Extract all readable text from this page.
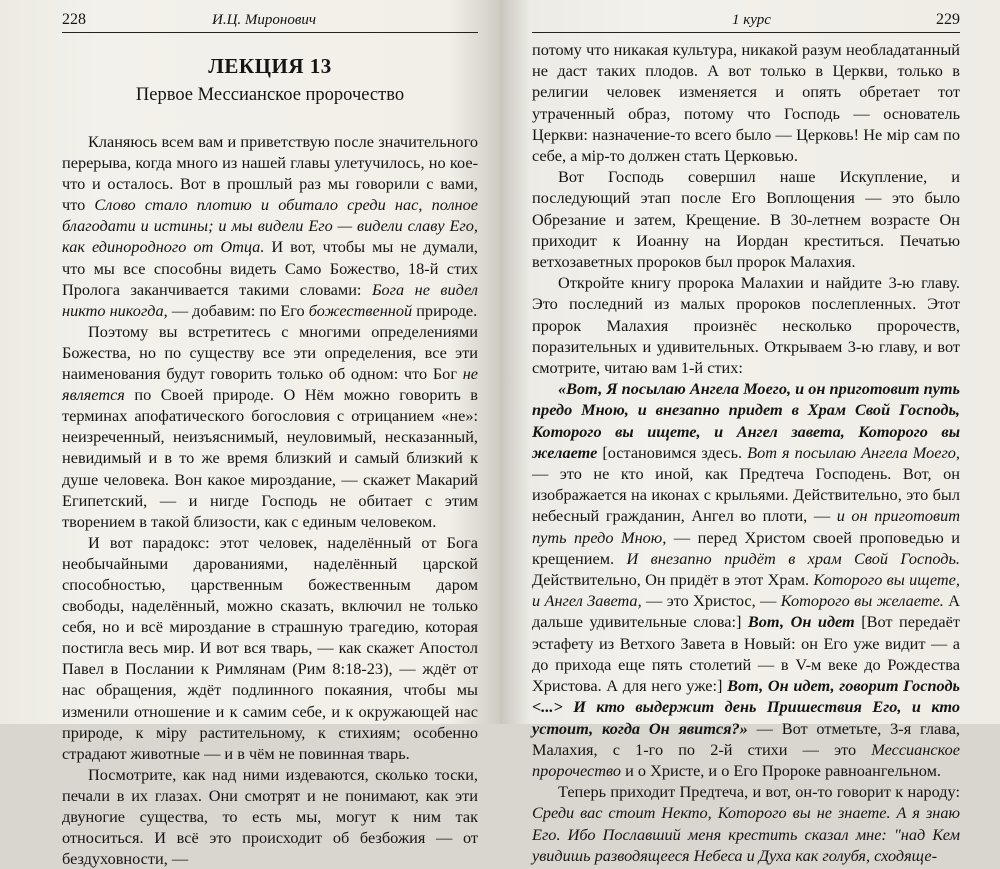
228	И.Ц. Миронович
ЛЕКЦИЯ 13
Первое Мессианское пророчество

Кланяюсь всем вам и приветствую после значительного перерыва, когда много из нашей главы улетучилось, но кое-что и осталось. Вот в прошлый раз мы говорили с вами, что Слово стало плотию и обитало среди нас, полное благодати и истины; и мы видели Его — видели славу Его, как единородного от Отца. И вот, чтобы мы не думали, что мы все способны видеть Само Божество, 18-й стих Пролога заканчивается такими словами: Бога не видел никто никогда, — добавим: по Его божественной природе.

Поэтому вы встретитесь с многими определениями Божества, но по существу все эти определения, все эти наименования будут говорить только об одном: что Бог не является по Своей природе. О Нём можно говорить в терминах апофатического богословия с отрицанием «не»: неизреченный, неизъяснимый, неуловимый, несказанный, невидимый и в то же время близкий и самый близкий к душе человека. Вон какое мироздание, — скажет Макарий Египетский, — и нигде Господь не обитает с этим творением в такой близости, как с единым человеком.

И вот парадокс: этот человек, наделённый от Бога необычайными дарованиями, наделённый царской способностью, царственным божественным даром свободы, наделённый, можно сказать, включил не только себя, но и всё мироздание в страшную трагедию, которая постигла весь мир. И вот вся тварь, — как скажет Апостол Павел в Послании к Римлянам (Рим 8:18-23), — ждёт от нас обращения, ждёт подлинного покаяния, чтобы мы изменили отношение и к самим себе, и к окружающей нас природе, к міру растительному, к стихиям; особенно страдают животные — и в чём не повинная тварь.

Посмотрите, как над ними издеваются, сколько тоски, печали в их глазах. Они смотрят и не понимают, как эти двуногие существа, то есть мы, могут к ним так относиться. И всё это происходит об безбожия — от бездуховности, —

1 курс	229

потому что никакая культура, никакой разум необладатанный не даст таких плодов. А вот только в Церкви, только в религии человек изменяется и опять обретает тот утраченный образ, потому что Господь — основатель Церкви: назначение-то всего было — Церковь! Не мір сам по себе, а мір-то должен стать Церковью.

Вот Господь совершил наше Искупление, и последующий этап после Его Воплощения — это было Обрезание и затем, Крещение. В 30-летнем возрасте Он приходит к Иоанну на Иордан креститься. Печатью ветхозаветных пророков был пророк Малахия.

Откройте книгу пророка Малахии и найдите 3-ю главу. Это последний из малых пророков послепленных. Этот пророк Малахия произнёс несколько пророчеств, поразительных и удивительных. Открываем 3-ю главу, и вот смотрите, читаю вам 1-й стих:

«Вот, Я посылаю Ангела Моего, и он приготовит путь предо Мною, и внезапно придет в Храм Свой Господь, Которого вы ищете, и Ангел завета, Которого вы желаете [остановимся здесь. Вот я посылаю Ангела Моего, — это не кто иной, как Предтеча Господень. Вот, он изображается на иконах с крыльями. Действительно, это был небесный гражданин, Ангел во плоти, — и он приготовит путь предо Мною, — перед Христом своей проповедью и крещением. И внезапно придёт в храм Свой Господь. Действительно, Он придёт в этот Храм. Которого вы ищете, и Ангел Завета, — это Христос, — Которого вы желаете. А дальше удивительные слова:] Вот, Он идет [Вот передаёт эстафету из Ветхого Завета в Новый: он Его уже видит — а до прихода еще пять столетий — в V-м веке до Рождества Христова. А для него уже:] Вот, Он идет, говорит Господь <...> И кто выдержит день Пришествия Его, и кто устоит, когда Он явится?» — Вот отметьте, 3-я глава, Малахия, с 1-го по 2-й стихи — это Мессианское пророчество и о Христе, и о Его Пророке равноангельном.

Теперь приходит Предтеча, и вот, он-то говорит к народу: Среди вас стоит Некто, Которого вы не знаете. А я знаю Его. Ибо Пославший меня крестить сказал мне: "над Кем увидишь разводящееся Небеса и Духа как голубя, сходяще-
